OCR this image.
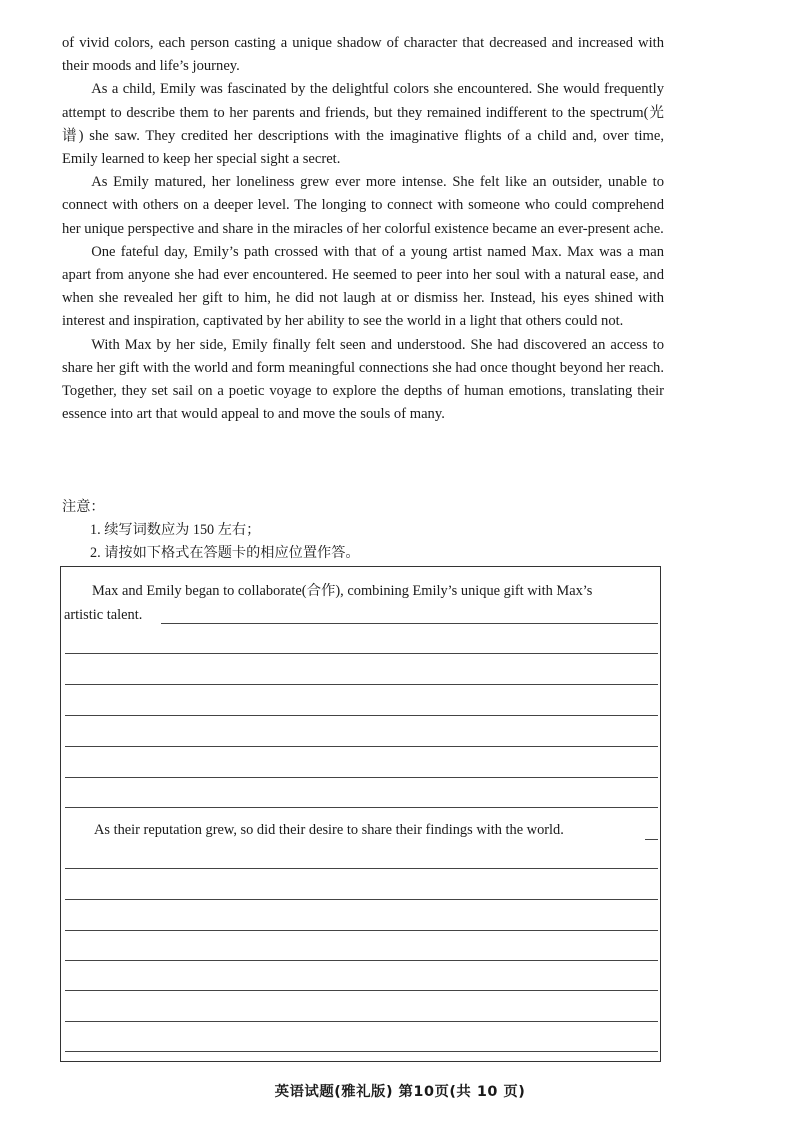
of vivid colors, each person casting a unique shadow of character that decreased and increased with their moods and life’s journey.

As a child, Emily was fascinated by the delightful colors she encountered. She would frequently attempt to describe them to her parents and friends, but they remained indifferent to the spectrum(光谱) she saw. They credited her descriptions with the imaginative flights of a child and, over time, Emily learned to keep her special sight a secret.

As Emily matured, her loneliness grew ever more intense. She felt like an outsider, unable to connect with others on a deeper level. The longing to connect with someone who could comprehend her unique perspective and share in the miracles of her colorful existence became an ever-present ache.

One fateful day, Emily’s path crossed with that of a young artist named Max. Max was a man apart from anyone she had ever encountered. He seemed to peer into her soul with a natural ease, and when she revealed her gift to him, he did not laugh at or dismiss her. Instead, his eyes shined with interest and inspiration, captivated by her ability to see the world in a light that others could not.

With Max by her side, Emily finally felt seen and understood. She had discovered an access to share her gift with the world and form meaningful connections she had once thought beyond her reach. Together, they set sail on a poetic voyage to explore the depths of human emotions, translating their essence into art that would appeal to and move the souls of many.

注意：

1. 续写词数应为 150 左右；

2. 请按如下格式在答题卡的相应位置作答。

Max and Emily began to collaborate(合作), combining Emily’s unique gift with Max’s
artistic talent.
As their reputation grew, so did their desire to share their findings with the world.
英语试题(雅礼版) 第10页(共 10 页)
